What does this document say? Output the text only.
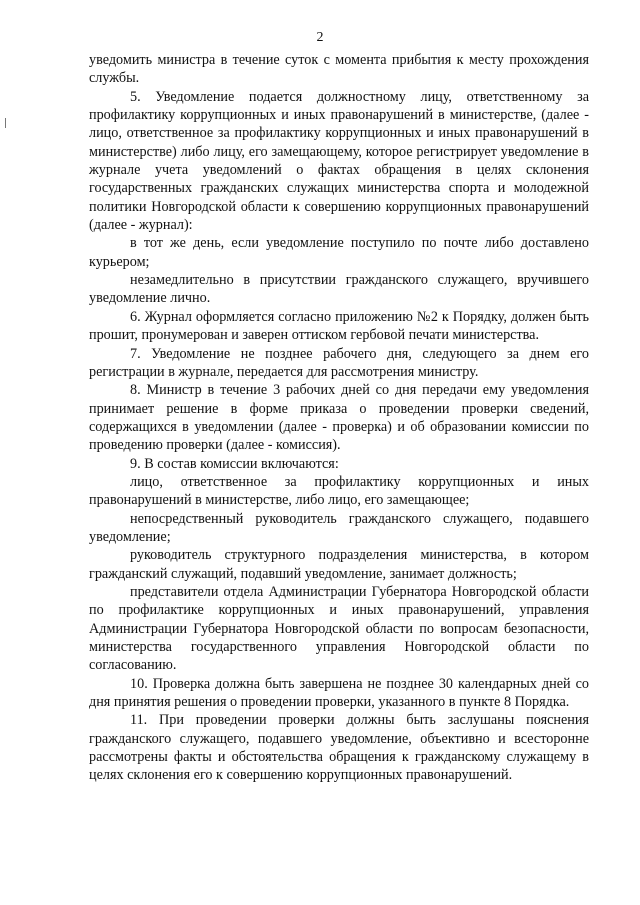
2

уведомить министра в течение суток с момента прибытия к месту прохождения службы.

5. Уведомление подается должностному лицу, ответственному за профилактику коррупционных и иных правонарушений в министерстве, (далее - лицо, ответственное за профилактику коррупционных и иных правонарушений в министерстве) либо лицу, его замещающему, которое регистрирует уведомление в журнале учета уведомлений о фактах обращения в целях склонения государственных гражданских служащих министерства спорта и молодежной политики Новгородской области к совершению коррупционных правонарушений (далее - журнал):

в тот же день, если уведомление поступило по почте либо доставлено курьером;

незамедлительно в присутствии гражданского служащего, вручившего уведомление лично.

6. Журнал оформляется согласно приложению №2 к Порядку, должен быть прошит, пронумерован и заверен оттиском гербовой печати министерства.

7. Уведомление не позднее рабочего дня, следующего за днем его регистрации в журнале, передается для рассмотрения министру.

8. Министр в течение 3 рабочих дней со дня передачи ему уведомления принимает решение в форме приказа о проведении проверки сведений, содержащихся в уведомлении (далее - проверка) и об образовании комиссии по проведению проверки (далее - комиссия).

9. В состав комиссии включаются:

лицо, ответственное за профилактику коррупционных и иных правонарушений в министерстве, либо лицо, его замещающее;

непосредственный руководитель гражданского служащего, подавшего уведомление;

руководитель структурного подразделения министерства, в котором гражданский служащий, подавший уведомление, занимает должность;

представители отдела Администрации Губернатора Новгородской области по профилактике коррупционных и иных правонарушений, управления Администрации Губернатора Новгородской области по вопросам безопасности, министерства государственного управления Новгородской области по согласованию.

10. Проверка должна быть завершена не позднее 30 календарных дней со дня принятия решения о проведении проверки, указанного в пункте 8 Порядка.

11. При проведении проверки должны быть заслушаны пояснения гражданского служащего, подавшего уведомление, объективно и всесторонне рассмотрены факты и обстоятельства обращения к гражданскому служащему в целях склонения его к совершению коррупционных правонарушений.
